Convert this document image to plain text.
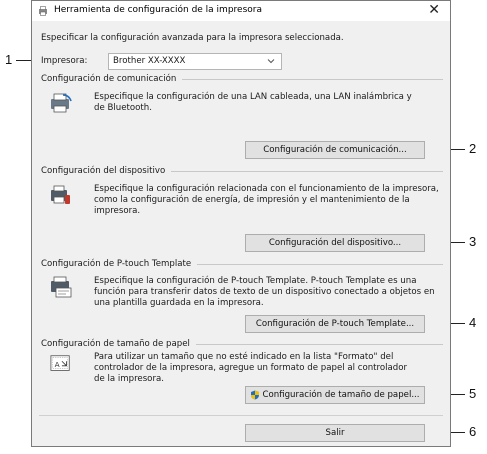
1
2
3
4
5
6
Herramienta de configuración de la impresora	✕
Especificar la configuración avanzada para la impresora seleccionada.
Impresora:	Brother XX-XXXX
Configuración de comunicación
Especifique la configuración de una LAN cableada, una LAN inalámbrica y de Bluetooth.
Configuración de comunicación...
Configuración del dispositivo
Especifique la configuración relacionada con el funcionamiento de la impresora, como la configuración de energía, de impresión y el mantenimiento de la impresora.
Configuración del dispositivo...
Configuración de P-touch Template
Especifique la configuración de P-touch Template. P-touch Template es una función para transferir datos de texto de un dispositivo conectado a objetos en una plantilla guardada en la impresora.
Configuración de P-touch Template...
Configuración de tamaño de papel
A
Para utilizar un tamaño que no esté indicado en la lista "Formato" del controlador de la impresora, agregue un formato de papel al controlador de la impresora.
Configuración de tamaño de papel...
Salir
